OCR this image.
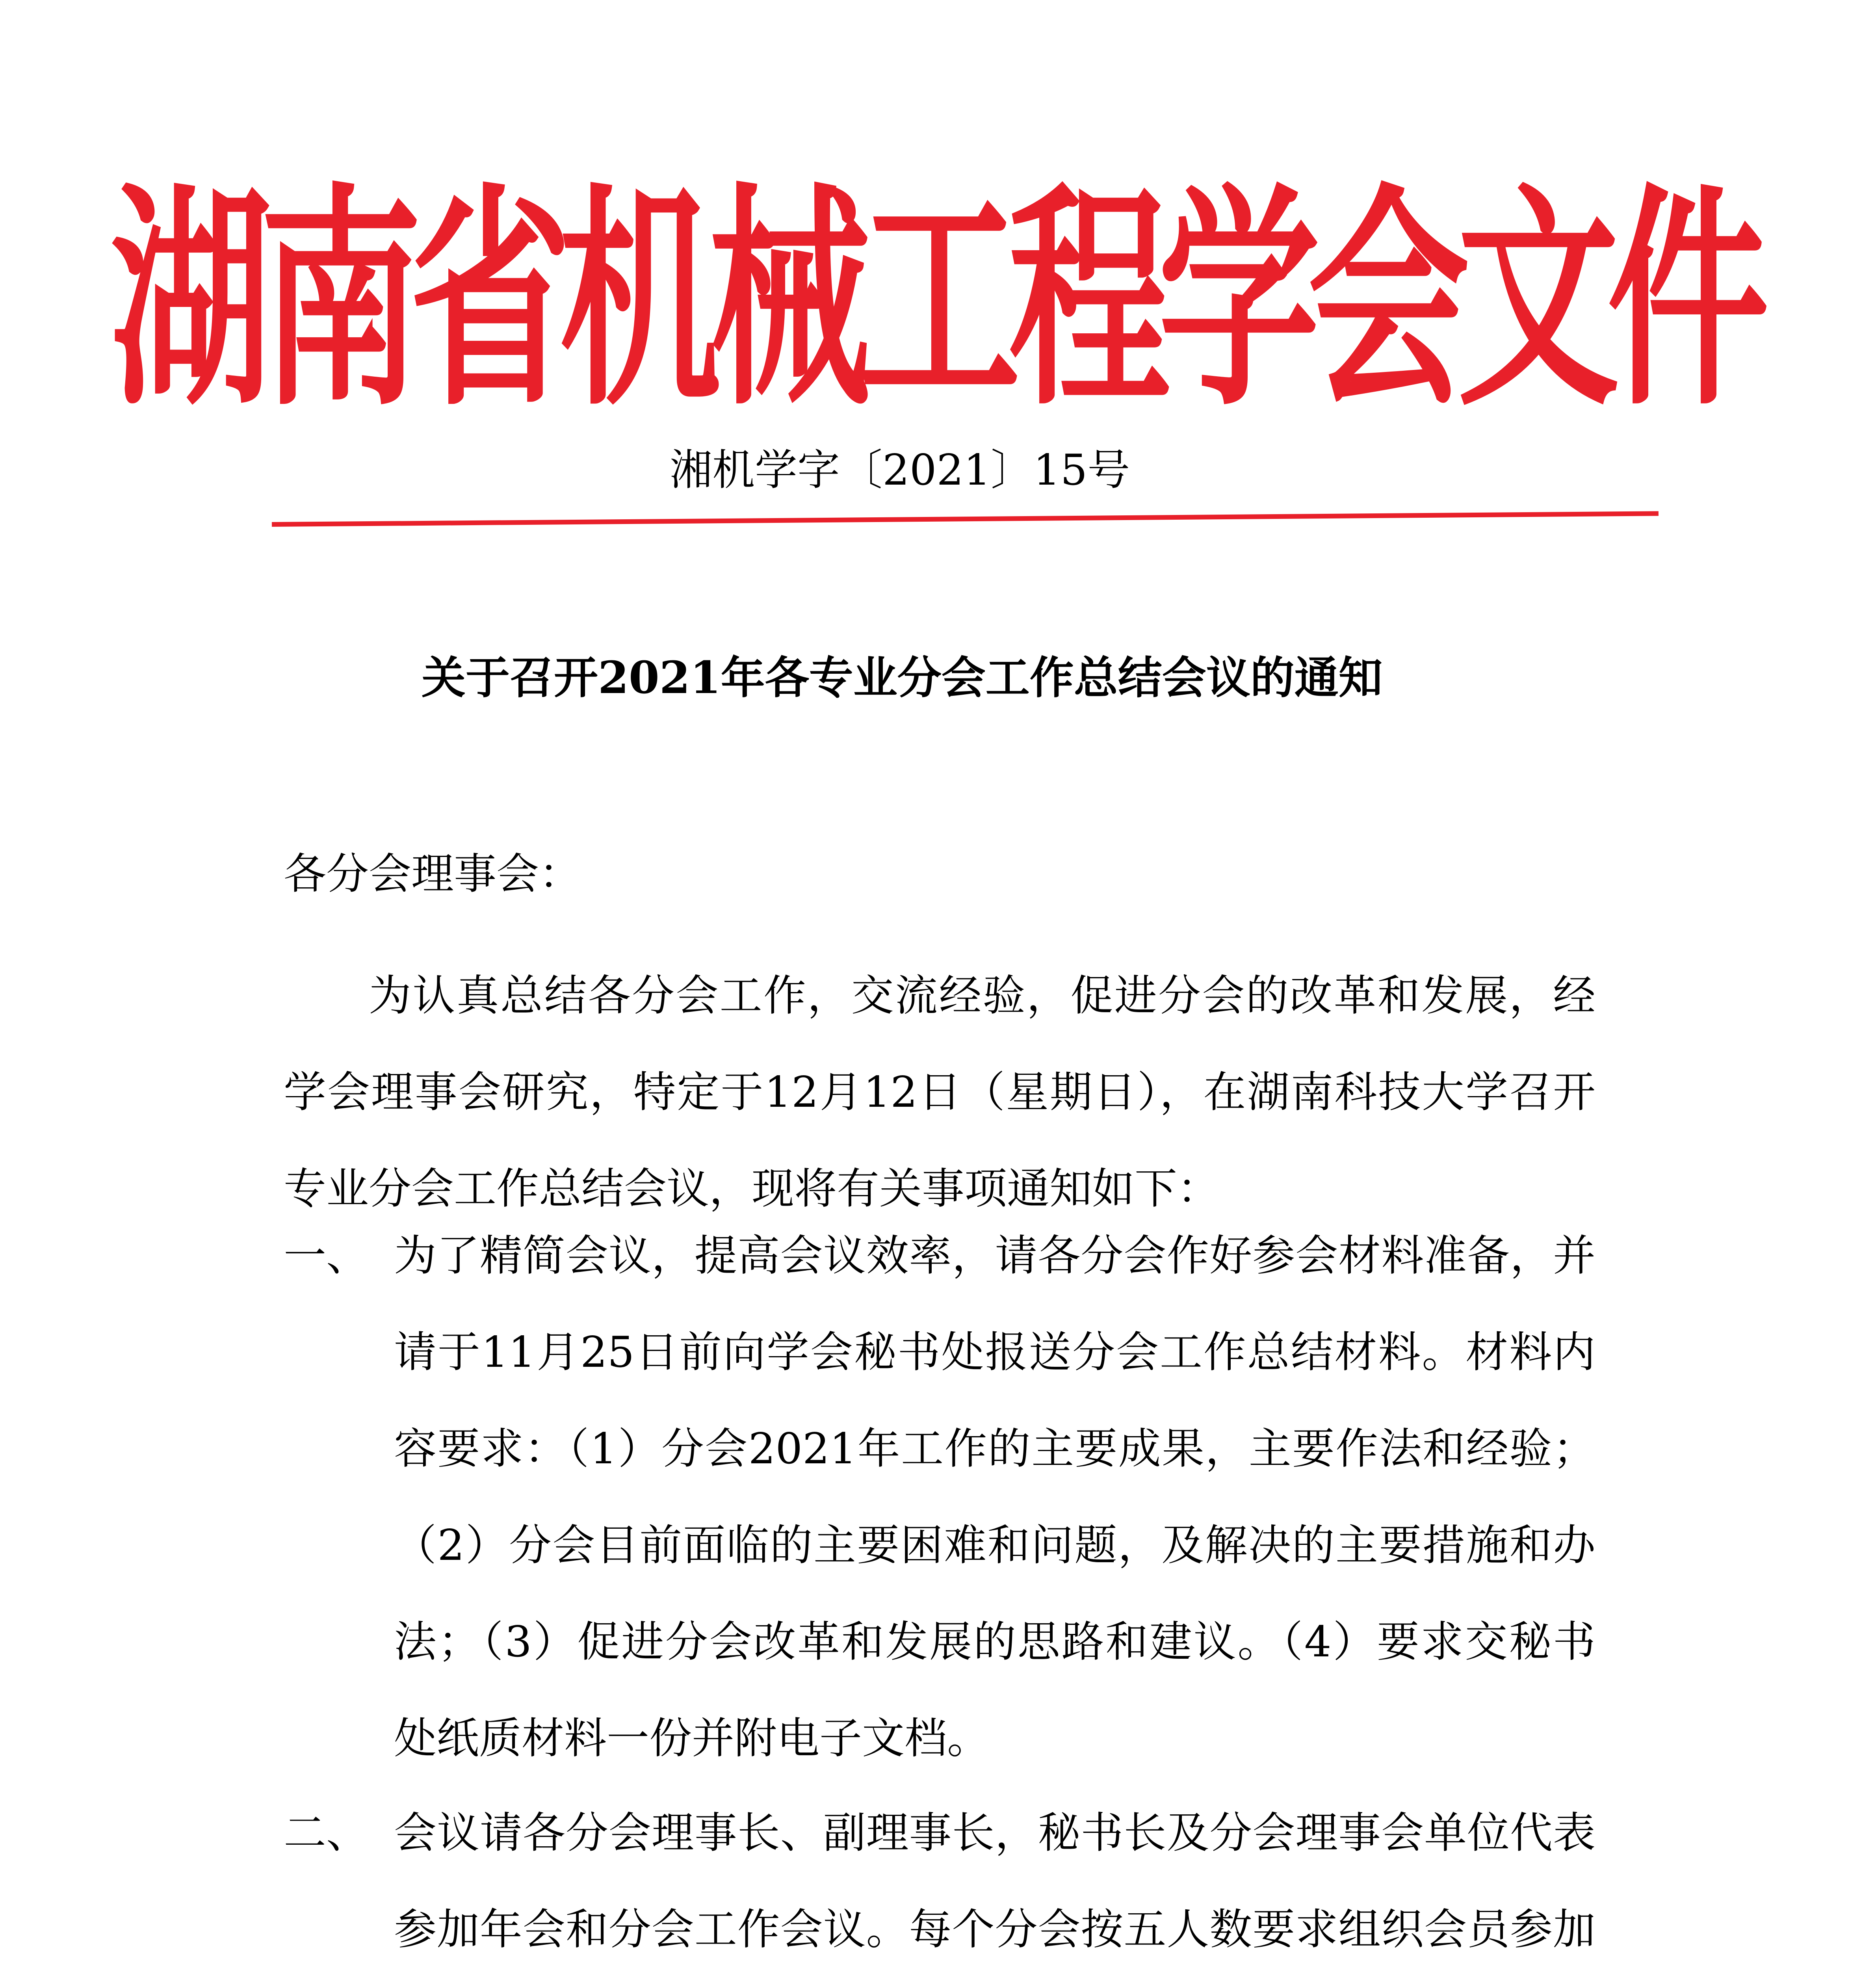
湖南省机械工程学会文件
湘机学字〔2021〕15号
关于召开2021年各专业分会工作总结会议的通知
各分会理事会：
为认真总结各分会工作，交流经验，促进分会的改革和发展，经学会理事会研究，特定于12月12日（星期日），在湖南科技大学召开专业分会工作总结会议，现将有关事项通知如下：
一、 为了精简会议，提高会议效率，请各分会作好参会材料准备，并请于11月25日前向学会秘书处报送分会工作总结材料。材料内容要求：（1）分会2021年工作的主要成果，主要作法和经验；（2）分会目前面临的主要困难和问题，及解决的主要措施和办法；（3）促进分会改革和发展的思路和建议。（4）要求交秘书处纸质材料一份并附电子文档。
二、 会议请各分会理事长、副理事长，秘书长及分会理事会单位代表参加年会和分会工作会议。每个分会按五人数要求组织会员参加
